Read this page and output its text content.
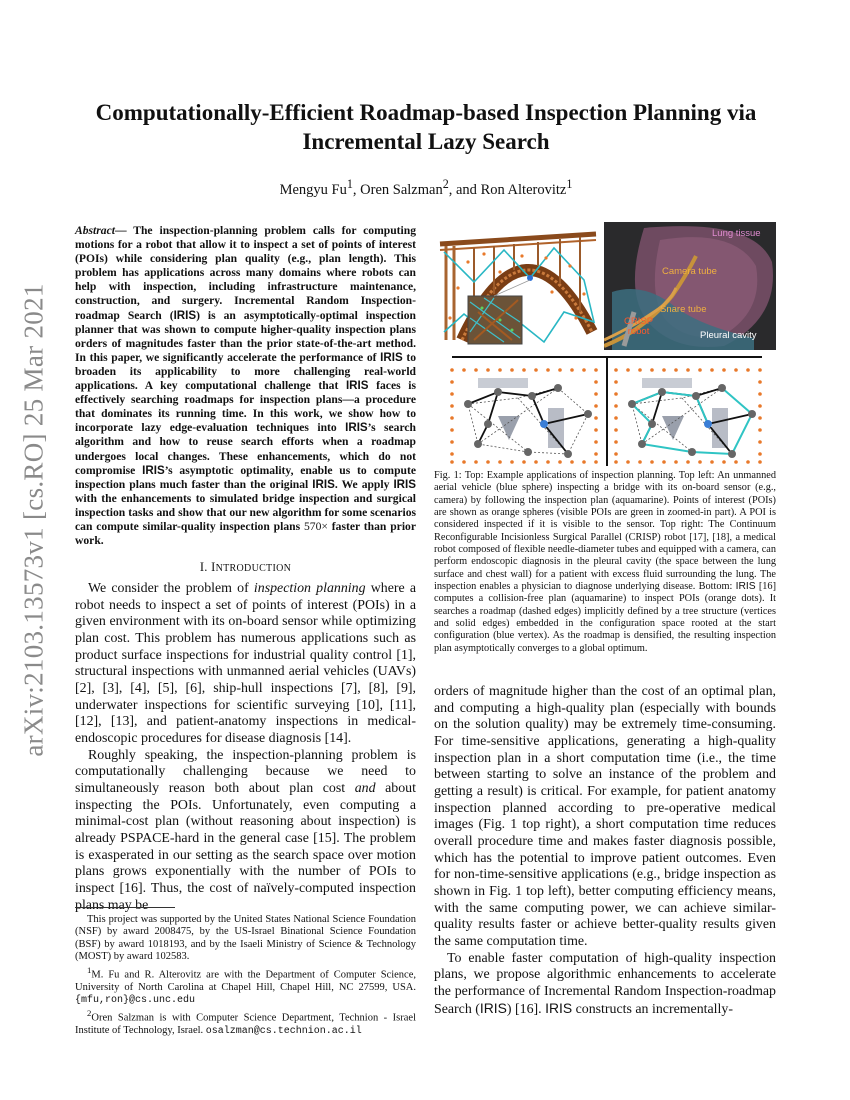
arXiv:2103.13573v1 [cs.RO] 25 Mar 2021
Computationally-Efficient Roadmap-based Inspection Planning via Incremental Lazy Search
Mengyu Fu$^1$, Oren Salzman$^2$, and Ron Alterovitz$^1$

Abstract— The inspection-planning problem calls for computing motions for a robot that allow it to inspect a set of points of interest (POIs) while considering plan quality (e.g., plan length). This problem has applications across many domains where robots can help with inspection, including infrastructure maintenance, construction, and surgery. Incremental Random Inspection-roadmap Search (IRIS) is an asymptotically-optimal inspection planner that was shown to compute higher-quality inspection plans orders of magnitudes faster than the prior state-of-the-art method. In this paper, we significantly accelerate the performance of IRIS to broaden its applicability to more challenging real-world applications. A key computational challenge that IRIS faces is effectively searching roadmaps for inspection plans—a procedure that dominates its running time. In this work, we show how to incorporate lazy edge-evaluation techniques into IRIS’s search algorithm and how to reuse search efforts when a roadmap undergoes local changes. These enhancements, which do not compromise IRIS’s asymptotic optimality, enable us to compute inspection plans much faster than the original IRIS. We apply IRIS with the enhancements to simulated bridge inspection and surgical inspection tasks and show that our new algorithm for some scenarios can compute similar-quality inspection plans 570× faster than prior work.

I. INTRODUCTION

We consider the problem of inspection planning where a robot needs to inspect a set of points of interest (POIs) in a given environment with its on-board sensor while optimizing plan cost. This problem has numerous applications such as product surface inspections for industrial quality control [1], structural inspections with unmanned aerial vehicles (UAVs) [2], [3], [4], [5], [6], ship-hull inspections [7], [8], [9], underwater inspections for scientific surveying [10], [11], [12], [13], and patient-anatomy inspections in medical-endoscopic procedures for disease diagnosis [14].

Roughly speaking, the inspection-planning problem is computationally challenging because we need to simultaneously reason both about plan cost and about inspecting the POIs. Unfortunately, even computing a minimal-cost plan (without reasoning about inspection) is already PSPACE-hard in the general case [15]. The problem is exasperated in our setting as the search space over motion plans grows exponentially with the number of POIs to inspect [16]. Thus, the cost of naïvely-computed inspection plans may be

This project was supported by the United States National Science Foundation (NSF) by award 2008475, by the US-Israel Binational Science Foundation (BSF) by award 1018193, and by the Isaeli Ministry of Science & Technology (MOST) by award 102583.

$^1$M. Fu and R. Alterovitz are with the Department of Computer Science, University of North Carolina at Chapel Hill, Chapel Hill, NC 27599, USA. {mfu,ron}@cs.unc.edu

$^2$Oren Salzman is with Computer Science Department, Technion - Israel Institute of Technology, Israel. osalzman@cs.technion.ac.il

Lung tissue
Camera tube
Snare tube
CRISP
robot	Pleural cavity
Fig. 1: Top: Example applications of inspection planning. Top left: An unmanned aerial vehicle (blue sphere) inspecting a bridge with its on-board sensor (e.g., camera) by following the inspection plan (aquamarine). Points of interest (POIs) are shown as orange spheres (visible POIs are green in zoomed-in part). A POI is considered inspected if it is visible to the sensor. Top right: The Continuum Reconfigurable Incisionless Surgical Parallel (CRISP) robot [17], [18], a medical robot composed of flexible needle-diameter tubes and equipped with a camera, can perform endoscopic diagnosis in the pleural cavity (the space between the lung surface and chest wall) for a patient with excess fluid surrounding the lung. The inspection enables a physician to diagnose underlying disease. Bottom: IRIS [16] computes a collision-free plan (aquamarine) to inspect POIs (orange dots). It searches a roadmap (dashed edges) implicitly defined by a tree structure (vertices and solid edges) embedded in the configuration space rooted at the start configuration (blue vertex). As the roadmap is densified, the resulting inspection plan asymptotically converges to a global optimum.

orders of magnitude higher than the cost of an optimal plan, and computing a high-quality plan (especially with bounds on the solution quality) may be extremely time-consuming. For time-sensitive applications, generating a high-quality inspection plan in a short computation time (i.e., the time between starting to solve an instance of the problem and getting a result) is critical. For example, for patient anatomy inspection planned according to pre-operative medical images (Fig. 1 top right), a short computation time reduces overall procedure time and makes faster diagnosis possible, which has the potential to improve patient outcomes. Even for non-time-sensitive applications (e.g., bridge inspection as shown in Fig. 1 top left), better computing efficiency means, with the same computing power, we can achieve similar-quality results faster or achieve better-quality results given the same computation time.

To enable faster computation of high-quality inspection plans, we propose algorithmic enhancements to accelerate the performance of Incremental Random Inspection-roadmap Search (IRIS) [16]. IRIS constructs an incrementally-
